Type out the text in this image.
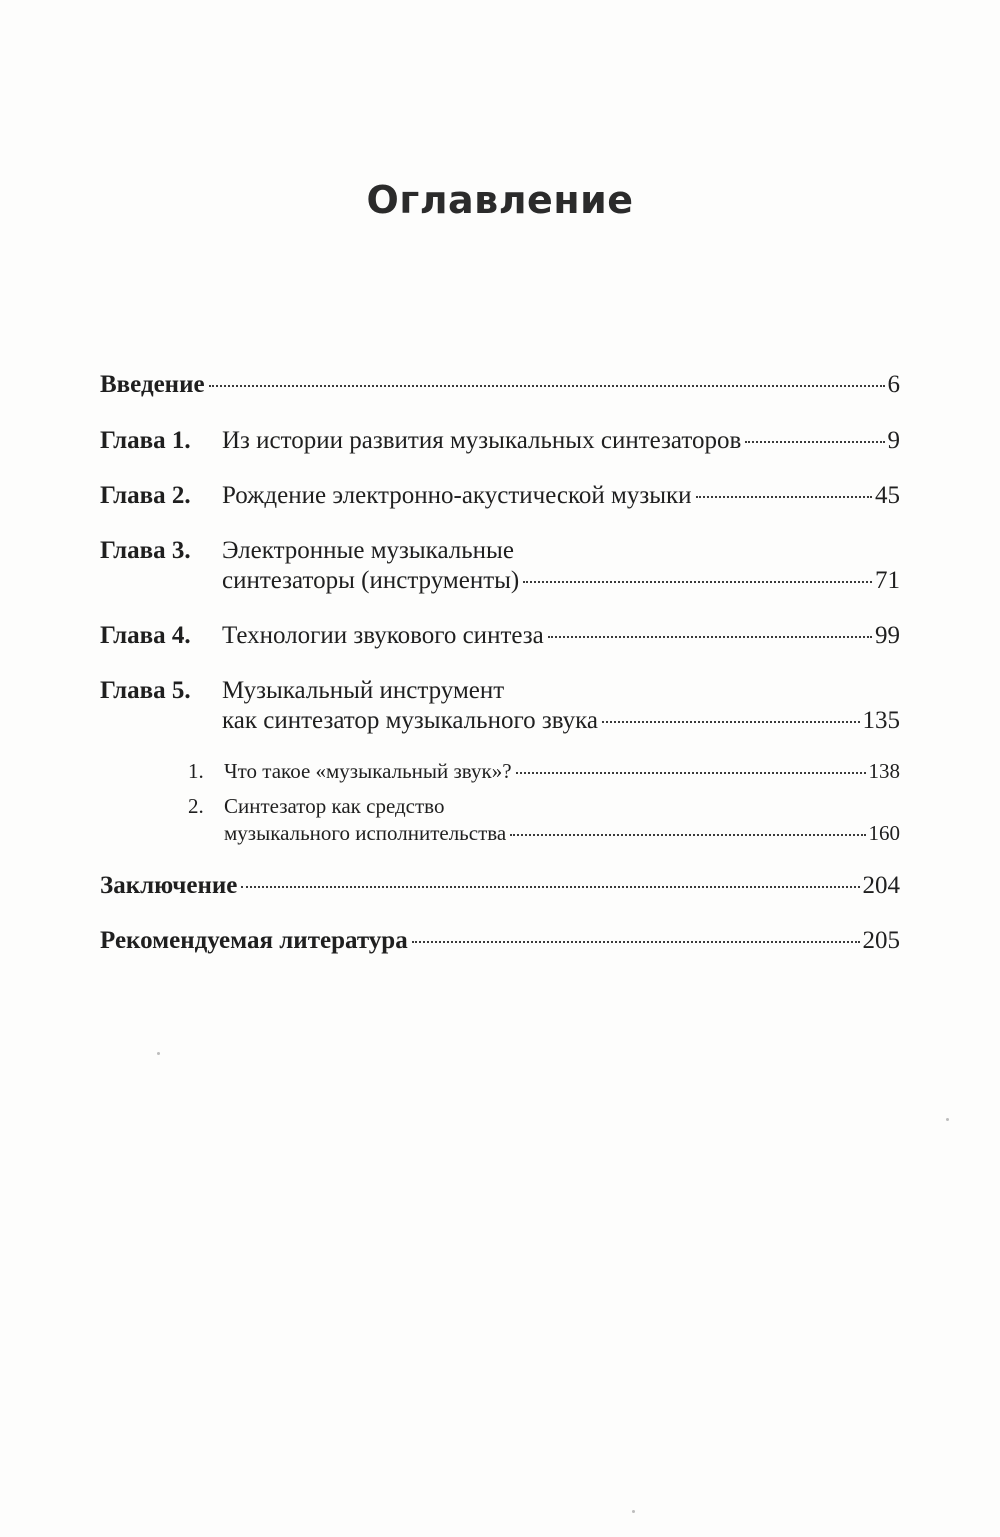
Оглавление
Введение	6
Глава 1.	Из истории развития музыкальных синтезаторов	9
Глава 2.	Рождение электронно-акустической музыки	45
Глава 3.	Электронные музыкальные
синтезаторы (инструменты)	71
Глава 4.	Технологии звукового синтеза	99
Глава 5.	Музыкальный инструмент
как синтезатор музыкального звука	135
1. Что такое «музыкальный звук»?	138
2. Синтезатор как средство
музыкального исполнительства	160
Заключение	204
Рекомендуемая литература	205
